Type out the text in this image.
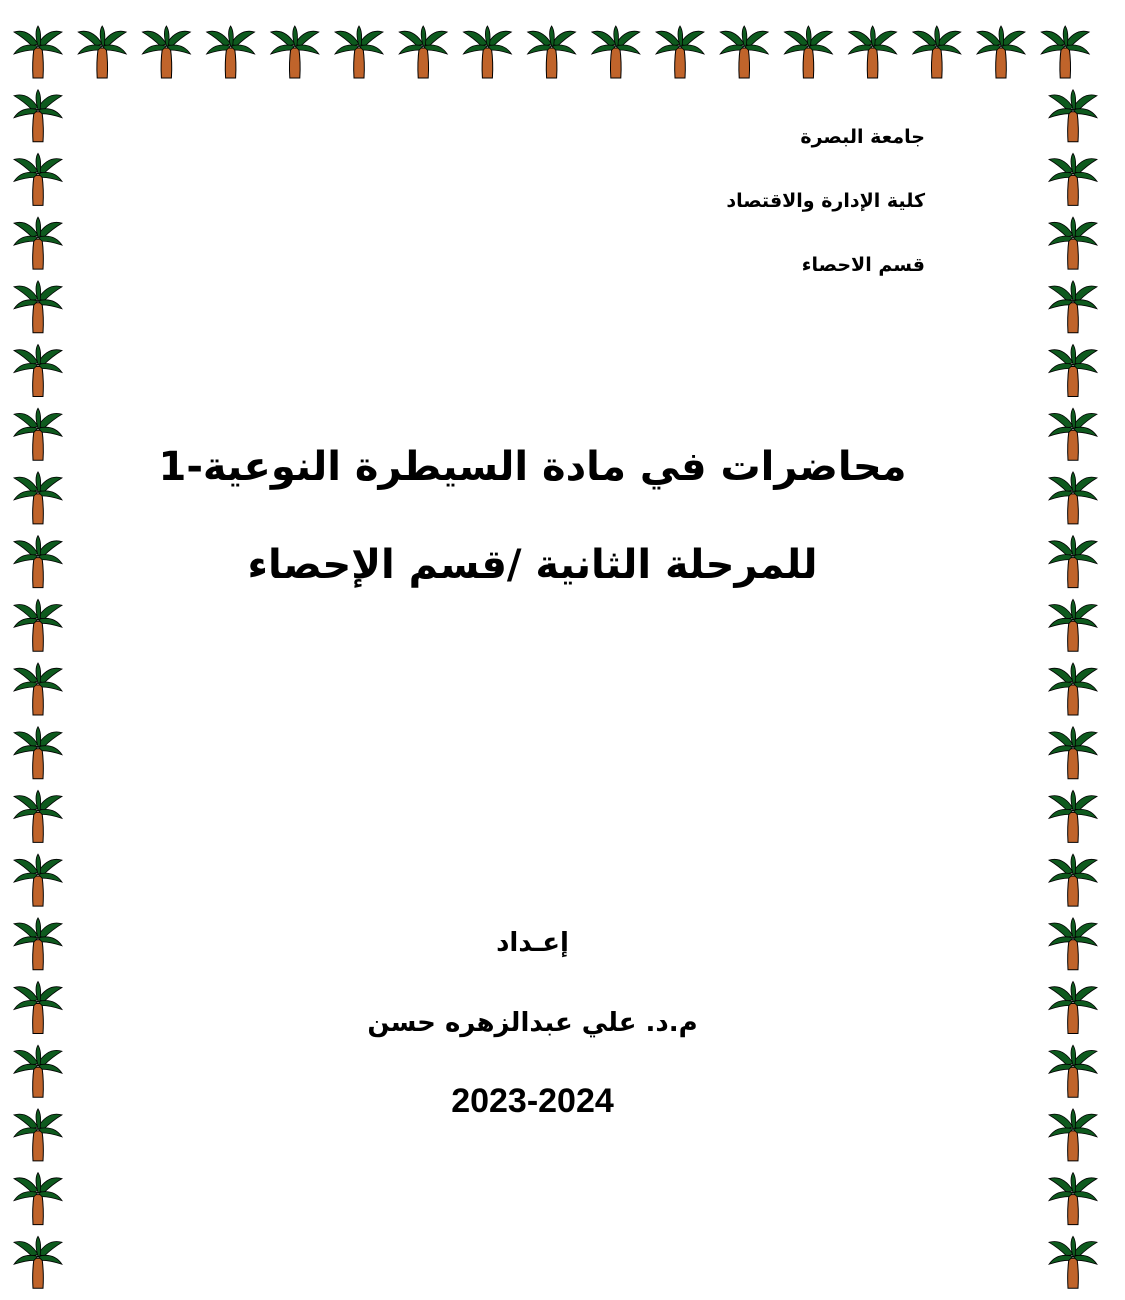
جامعة البصرة
كلية الإدارة والاقتصاد
قسم الاحصاء
محاضرات في مادة السيطرة النوعية-1
للمرحلة الثانية /قسم الإحصاء
إعـداد
م.د. علي عبدالزهره حسن
2023-2024
